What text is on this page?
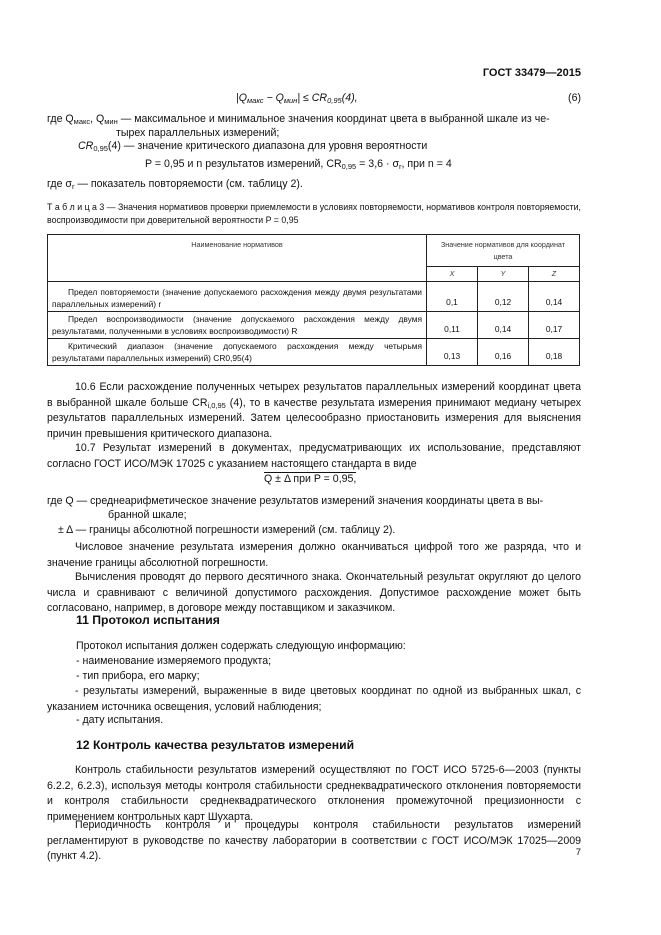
ГОСТ 33479—2015
$|Q_{макс} - Q_{мин}| \le CR_{0,95}(4)$,	(6)
где $Q_{макс}$, $Q_{мин}$ — максимальное и минимальное значения координат цвета в выбранной шкале из че-
тырех параллельных измерений;
$CR_{0,95}(4)$ — значение критического диапазона для уровня вероятности
P = 0,95 и n результатов измерений, $CR_{0,95} = 3,6 \cdot \sigma_r$, при n = 4
где $\sigma_r$ — показатель повторяемости (см. таблицу 2).
Т а б л и ц а 3 — Значения нормативов проверки приемлемости в условиях повторяемости, нормативов контроля повторяемости, воспроизводимости при доверительной вероятности P = 0,95
Наименование нормативов	Значение нормативов для координат цвета		
	X	Y	Z
Предел повторяемости (значение допускаемого расхождения между двумя результатами параллельных измерений) r	0,1	0,12	0,14
Предел воспроизводимости (значение допускаемого расхождения между двумя результатами, полученными в условиях воспроизводимости) R	0,11	0,14	0,17
Критический диапазон (значение допускаемого расхождения между четырьмя результатами параллельных измерений) CR0,95(4)	0,13	0,16	0,18
10.6 Если расхождение полученных четырех результатов параллельных измерений координат цвета в выбранной шкале больше $CR_{i,0,95}$ (4), то в качестве результата измерения принимают медиану четырех результатов параллельных измерений. Затем целесообразно приостановить измерения для выяснения причин превышения критического диапазона.
10.7 Результат измерений в документах, предусматривающих их использование, представляют согласно ГОСТ ИСО/МЭК 17025 с указанием настоящего стандарта в виде
Q ± Δ при P = 0,95,
где Q — среднеарифметическое значение результатов измерений значения координаты цвета в вы-
бранной шкале;
± Δ — границы абсолютной погрешности измерений (см. таблицу 2).
Числовое значение результата измерения должно оканчиваться цифрой того же разряда, что и значение границы абсолютной погрешности.
Вычисления проводят до первого десятичного знака. Окончательный результат округляют до целого числа и сравнивают с величиной допустимого расхождения. Допустимое расхождение может быть согласовано, например, в договоре между поставщиком и заказчиком.
11 Протокол испытания
Протокол испытания должен содержать следующую информацию:
- наименование измеряемого продукта;
- тип прибора, его марку;
- результаты измерений, выраженные в виде цветовых координат по одной из выбранных шкал, с указанием источника освещения, условий наблюдения;
- дату испытания.
12 Контроль качества результатов измерений
Контроль стабильности результатов измерений осуществляют по ГОСТ ИСО 5725-6—2003 (пункты 6.2.2, 6.2.3), используя методы контроля стабильности среднеквадратического отклонения повторяемости и контроля стабильности среднеквадратического отклонения промежуточной прецизионности с применением контрольных карт Шухарта.
Периодичность контроля и процедуры контроля стабильности результатов измерений регламентируют в руководстве по качеству лаборатории в соответствии с ГОСТ ИСО/МЭК 17025—2009 (пункт 4.2).	7
